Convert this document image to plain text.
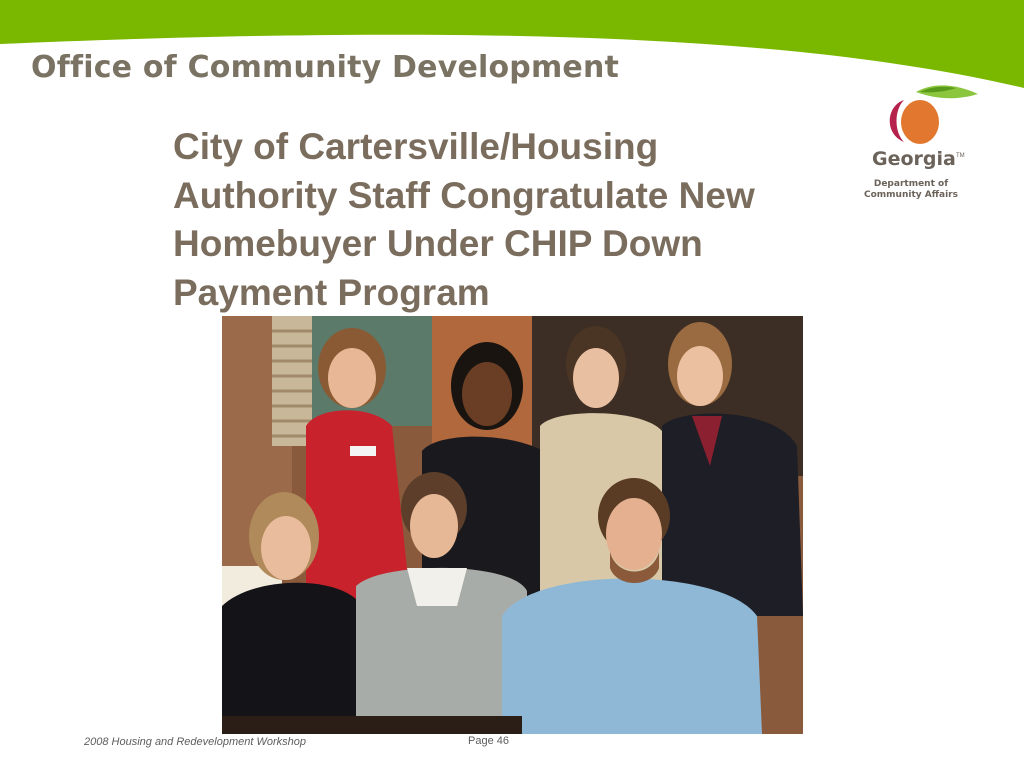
Office of Community Development
City of Cartersville/Housing
Authority Staff Congratulate New
Homebuyer Under CHIP Down
Payment Program
Georgia TM
Department of
Community Affairs
2008 Housing and Redevelopment Workshop	Page 46
